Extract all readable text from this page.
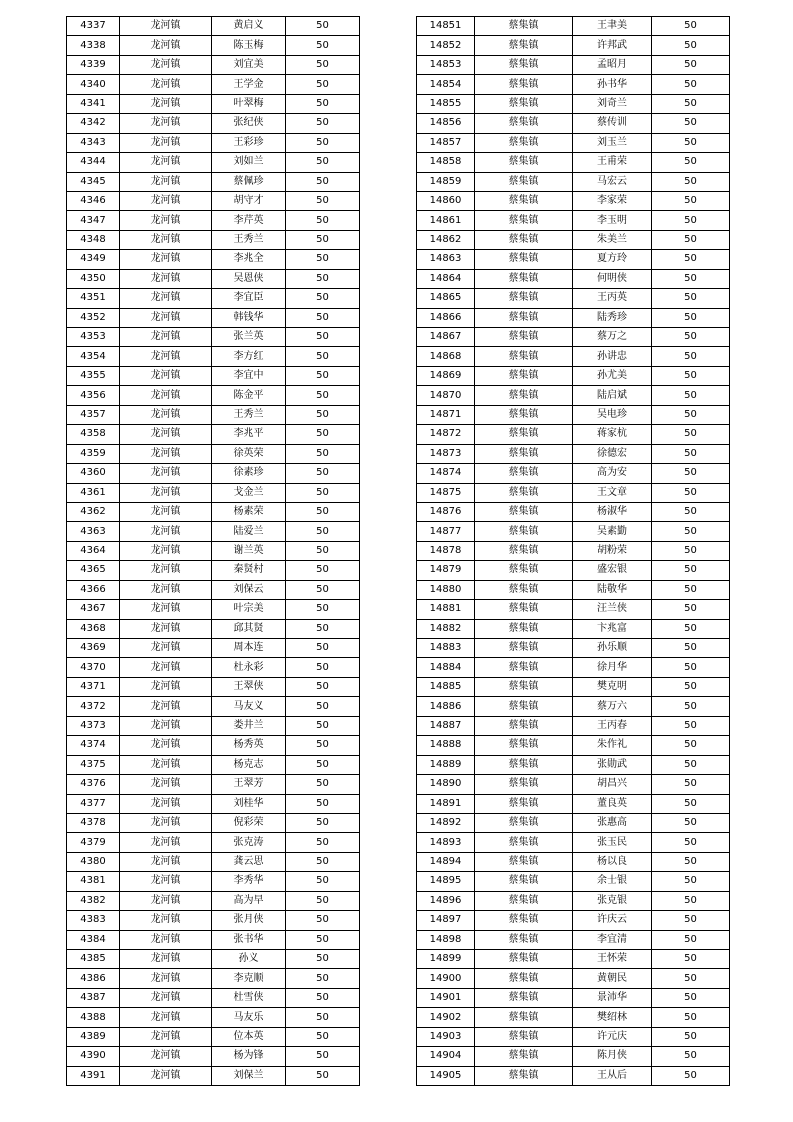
4337	龙河镇	黄启义	50
4338	龙河镇	陈玉梅	50
4339	龙河镇	刘宜美	50
4340	龙河镇	王学金	50
4341	龙河镇	叶翠梅	50
4342	龙河镇	张纪侠	50
4343	龙河镇	王彩珍	50
4344	龙河镇	刘如兰	50
4345	龙河镇	蔡佩珍	50
4346	龙河镇	胡守才	50
4347	龙河镇	李芹英	50
4348	龙河镇	王秀兰	50
4349	龙河镇	李兆全	50
4350	龙河镇	吴恩侠	50
4351	龙河镇	李宜臣	50
4352	龙河镇	韩钱华	50
4353	龙河镇	张兰英	50
4354	龙河镇	李方红	50
4355	龙河镇	李宜中	50
4356	龙河镇	陈金平	50
4357	龙河镇	王秀兰	50
4358	龙河镇	李兆平	50
4359	龙河镇	徐英荣	50
4360	龙河镇	徐素珍	50
4361	龙河镇	戈金兰	50
4362	龙河镇	杨素荣	50
4363	龙河镇	陆爱兰	50
4364	龙河镇	谢兰英	50
4365	龙河镇	秦贤村	50
4366	龙河镇	刘保云	50
4367	龙河镇	叶宗美	50
4368	龙河镇	邱其贤	50
4369	龙河镇	周本连	50
4370	龙河镇	杜永彩	50
4371	龙河镇	王翠侠	50
4372	龙河镇	马友义	50
4373	龙河镇	娄井兰	50
4374	龙河镇	杨秀英	50
4375	龙河镇	杨克志	50
4376	龙河镇	王翠芳	50
4377	龙河镇	刘桂华	50
4378	龙河镇	倪彩荣	50
4379	龙河镇	张克涛	50
4380	龙河镇	龚云思	50
4381	龙河镇	李秀华	50
4382	龙河镇	高为早	50
4383	龙河镇	张月侠	50
4384	龙河镇	张书华	50
4385	龙河镇	孙义	50
4386	龙河镇	李克顺	50
4387	龙河镇	杜雪侠	50
4388	龙河镇	马友乐	50
4389	龙河镇	位本英	50
4390	龙河镇	杨为锋	50
4391	龙河镇	刘保兰	50
14851	蔡集镇	王聿美	50
14852	蔡集镇	许邦武	50
14853	蔡集镇	孟昭月	50
14854	蔡集镇	孙书华	50
14855	蔡集镇	刘奇兰	50
14856	蔡集镇	蔡传训	50
14857	蔡集镇	刘玉兰	50
14858	蔡集镇	王甫荣	50
14859	蔡集镇	马宏云	50
14860	蔡集镇	李家荣	50
14861	蔡集镇	李玉明	50
14862	蔡集镇	朱美兰	50
14863	蔡集镇	夏方玲	50
14864	蔡集镇	何明侠	50
14865	蔡集镇	王丙英	50
14866	蔡集镇	陆秀珍	50
14867	蔡集镇	蔡万之	50
14868	蔡集镇	孙讲忠	50
14869	蔡集镇	孙尤美	50
14870	蔡集镇	陆启斌	50
14871	蔡集镇	吴电珍	50
14872	蔡集镇	蒋家杭	50
14873	蔡集镇	徐德宏	50
14874	蔡集镇	高为安	50
14875	蔡集镇	王文章	50
14876	蔡集镇	杨淑华	50
14877	蔡集镇	吴素勤	50
14878	蔡集镇	胡粉荣	50
14879	蔡集镇	盛宏银	50
14880	蔡集镇	陆敬华	50
14881	蔡集镇	汪兰侠	50
14882	蔡集镇	卞兆富	50
14883	蔡集镇	孙乐顺	50
14884	蔡集镇	徐月华	50
14885	蔡集镇	樊克明	50
14886	蔡集镇	蔡万六	50
14887	蔡集镇	王丙春	50
14888	蔡集镇	朱作礼	50
14889	蔡集镇	张勋武	50
14890	蔡集镇	胡昌兴	50
14891	蔡集镇	董良英	50
14892	蔡集镇	张惠高	50
14893	蔡集镇	张玉民	50
14894	蔡集镇	杨以良	50
14895	蔡集镇	余士银	50
14896	蔡集镇	张克银	50
14897	蔡集镇	许庆云	50
14898	蔡集镇	李宜清	50
14899	蔡集镇	王怀荣	50
14900	蔡集镇	黄朝民	50
14901	蔡集镇	景沛华	50
14902	蔡集镇	樊绍林	50
14903	蔡集镇	许元庆	50
14904	蔡集镇	陈月侠	50
14905	蔡集镇	王从后	50
